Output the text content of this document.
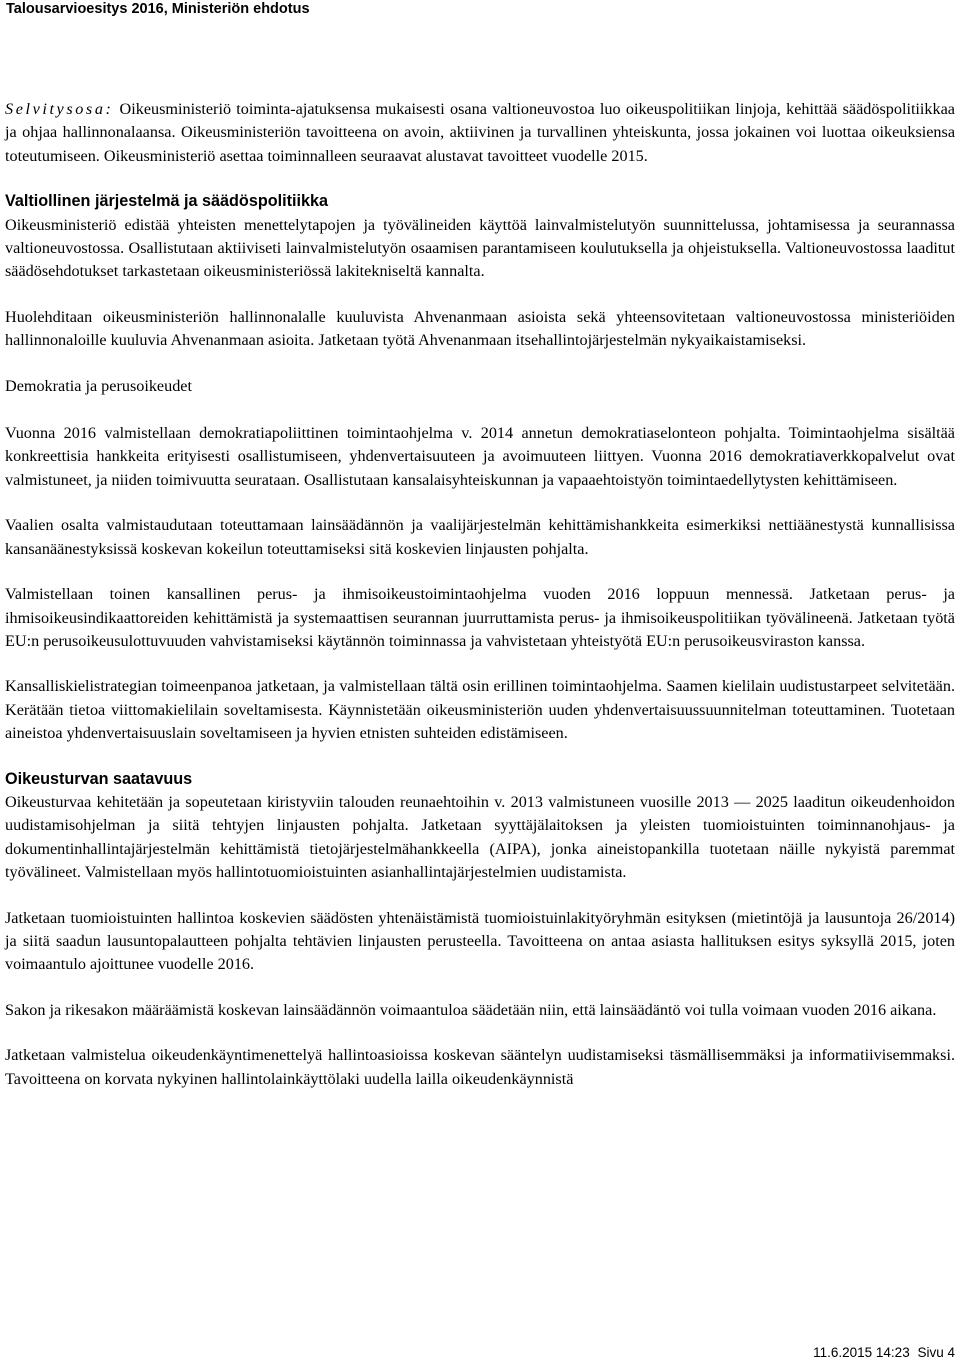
Talousarvioesitys 2016, Ministeriön ehdotus

Selvitysosa: Oikeusministeriö toiminta-ajatuksensa mukaisesti osana valtioneuvostoa luo oikeuspolitiikan linjoja, kehittää säädöspolitiikkaa ja ohjaa hallinnonalaansa. Oikeusministeriön tavoitteena on avoin, aktiivinen ja turvallinen yhteiskunta, jossa jokainen voi luottaa oikeuksiensa toteutumiseen. Oikeusministeriö asettaa toiminnalleen seuraavat alustavat tavoitteet vuodelle 2015.

Valtiollinen järjestelmä ja säädöspolitiikka

Oikeusministeriö edistää yhteisten menettelytapojen ja työvälineiden käyttöä lainvalmistelutyön suunnittelussa, johtamisessa ja seurannassa valtioneuvostossa. Osallistutaan aktiiviseti lainvalmistelutyön osaamisen parantamiseen koulutuksella ja ohjeistuksella. Valtioneuvostossa laaditut säädösehdotukset tarkastetaan oikeusministeriössä lakitekniseltä kannalta.

Huolehditaan oikeusministeriön hallinnonalalle kuuluvista Ahvenanmaan asioista sekä yhteensovitetaan valtioneuvostossa ministeriöiden hallinnonaloille kuuluvia Ahvenanmaan asioita. Jatketaan työtä Ahvenanmaan itsehallintojärjestelmän nykyaikaistamiseksi.

Demokratia ja perusoikeudet

Vuonna 2016 valmistellaan demokratiapoliittinen toimintaohjelma v. 2014 annetun demokratiaselonteon pohjalta. Toimintaohjelma sisältää konkreettisia hankkeita erityisesti osallistumiseen, yhdenvertaisuuteen ja avoimuuteen liittyen. Vuonna 2016 demokratiaverkkopalvelut ovat valmistuneet, ja niiden toimivuutta seurataan. Osallistutaan kansalaisyhteiskunnan ja vapaaehtoistyön toimintaedellytysten kehittämiseen.

Vaalien osalta valmistaudutaan toteuttamaan lainsäädännön ja vaalijärjestelmän kehittämishankkeita esimerkiksi nettiäänestystä kunnallisissa kansanäänestyksissä koskevan kokeilun toteuttamiseksi sitä koskevien linjausten pohjalta.

Valmistellaan toinen kansallinen perus- ja ihmisoikeustoimintaohjelma vuoden 2016 loppuun mennessä. Jatketaan perus- ja ihmisoikeusindikaattoreiden kehittämistä ja systemaattisen seurannan juurruttamista perus- ja ihmisoikeuspolitiikan työvälineenä. Jatketaan työtä EU:n perusoikeusulottuvuuden vahvistamiseksi käytännön toiminnassa ja vahvistetaan yhteistyötä EU:n perusoikeusviraston kanssa.

Kansalliskielistrategian toimeenpanoa jatketaan, ja valmistellaan tältä osin erillinen toimintaohjelma. Saamen kielilain uudistustarpeet selvitetään. Kerätään tietoa viittomakielilain soveltamisesta. Käynnistetään oikeusministeriön uuden yhdenvertaisuussuunnitelman toteuttaminen. Tuotetaan aineistoa yhdenvertaisuuslain soveltamiseen ja hyvien etnisten suhteiden edistämiseen.

Oikeusturvan saatavuus

Oikeusturvaa kehitetään ja sopeutetaan kiristyviin talouden reunaehtoihin v. 2013 valmistuneen vuosille 2013 — 2025 laaditun oikeudenhoidon uudistamisohjelman ja siitä tehtyjen linjausten pohjalta. Jatketaan syyttäjälaitoksen ja yleisten tuomioistuinten toiminnanohjaus- ja dokumentinhallintajärjestelmän kehittämistä tietojärjestelmähankkeella (AIPA), jonka aineistopankilla tuotetaan näille nykyistä paremmat työvälineet. Valmistellaan myös hallintotuomioistuinten asianhallintajärjestelmien uudistamista.

Jatketaan tuomioistuinten hallintoa koskevien säädösten yhtenäistämistä tuomioistuinlakityöryhmän esityksen (mietintöjä ja lausuntoja 26/2014) ja siitä saadun lausuntopalautteen pohjalta tehtävien linjausten perusteella. Tavoitteena on antaa asiasta hallituksen esitys syksyllä 2015, joten voimaantulo ajoittunee vuodelle 2016.

Sakon ja rikesakon määräämistä koskevan lainsäädännön voimaantuloa säädetään niin, että lainsäädäntö voi tulla voimaan vuoden 2016 aikana.

Jatketaan valmistelua oikeudenkäyntimenettelyä hallintoasioissa koskevan sääntelyn uudistamiseksi täsmällisemmäksi ja informatiivisemmaksi. Tavoitteena on korvata nykyinen hallintolainkäyttölaki uudella lailla oikeudenkäynnistä

11.6.2015 14:23 Sivu 4
